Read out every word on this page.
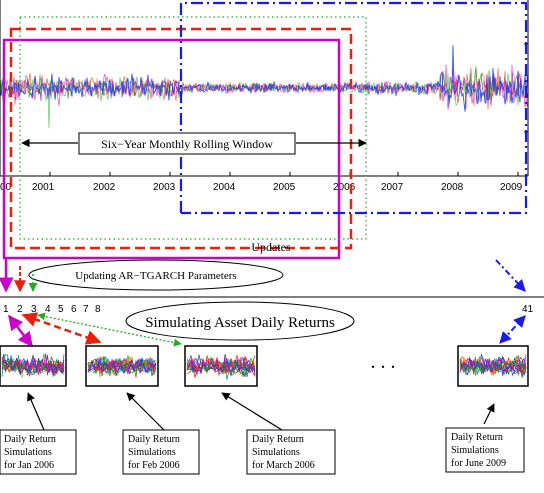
00 2001	2002	2003	2004	2005	2006	2007	2008	2009
Six−Year Monthly Rolling Window
Updates
Updating AR−TGARCH Parameters
1 2 3 4 5 6 7 8	41
Simulating Asset Daily Returns
. . .
Daily Return
Simulations
for Jan 2006
Daily Return
Simulations
for Feb 2006
Daily Return
Simulations
for March 2006
Daily Return
Simulations
for June 2009
